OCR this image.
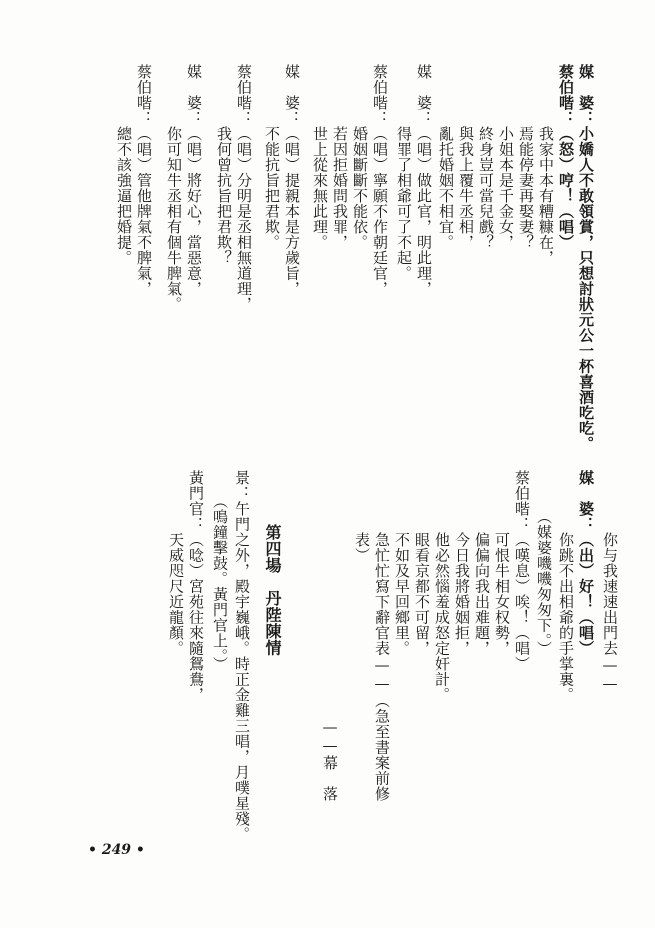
媒　婆：小嬌人不敢領賞，只想討狀元公一杯喜酒吃吃。
蔡伯喈：（怒）哼！（唱）
　　　　我家中本有糟糠在，
　　　　焉能停妻再娶妻？
　　　　小姐本是千金女，
　　　　終身豈可當兒戲？
　　　　與我上覆牛丞相，
　　　　亂托婚姻不相宜。
媒　婆：（唱）做此官，明此理，
　　　　得罪了相爺可了不起。
蔡伯喈：（唱）寧願不作朝廷官，
　　　　婚姻斷斷不能依。
　　　　若因拒婚問我罪，
　　　　世上從來無此理。
媒　婆：（唱）提親本是方歲旨，
　　　　不能抗旨把君欺。
蔡伯喈：（唱）分明是丞相無道理，
　　　　我何曾抗旨把君欺？
媒　婆：（唱）將好心，當惡意，
　　　　你可知牛丞相有個牛脾氣。
蔡伯喈：（唱）管他牌氣不脾氣，
　　　　總不該強逼把婚提。
　　　　你与我速速出門去——
媒　婆：（出）好！（唱）
　　　　你跳不出相爺的手掌裏。
　　　（媒婆嘰嘰匆匆下。）
蔡伯喈：（嘆息）唉！（唱）
　　　　可恨牛相女权勢，
　　　　偏偏向我出难題，
　　　　今日我將婚姻拒，
　　　　他必然惱羞成怒定奸計。
　　　　眼看京都不可留，
　　　　不如及早回鄉里。
　　　　急忙忙寫下辭官表——（急至書案前修
　　　　表）
　　　　　　　　　　　　　　　　——幕　落
第四場　丹陛陳情
景：午門之外，殿宇巍峨。時正金雞三唱，月噗星殘。
　　（鳴鐘擊鼓。黃門官上。）
黃門官：（唸）宮苑往來隨鴛鴦，
　　　　天威咫尺近龍顏。
• 249 •
